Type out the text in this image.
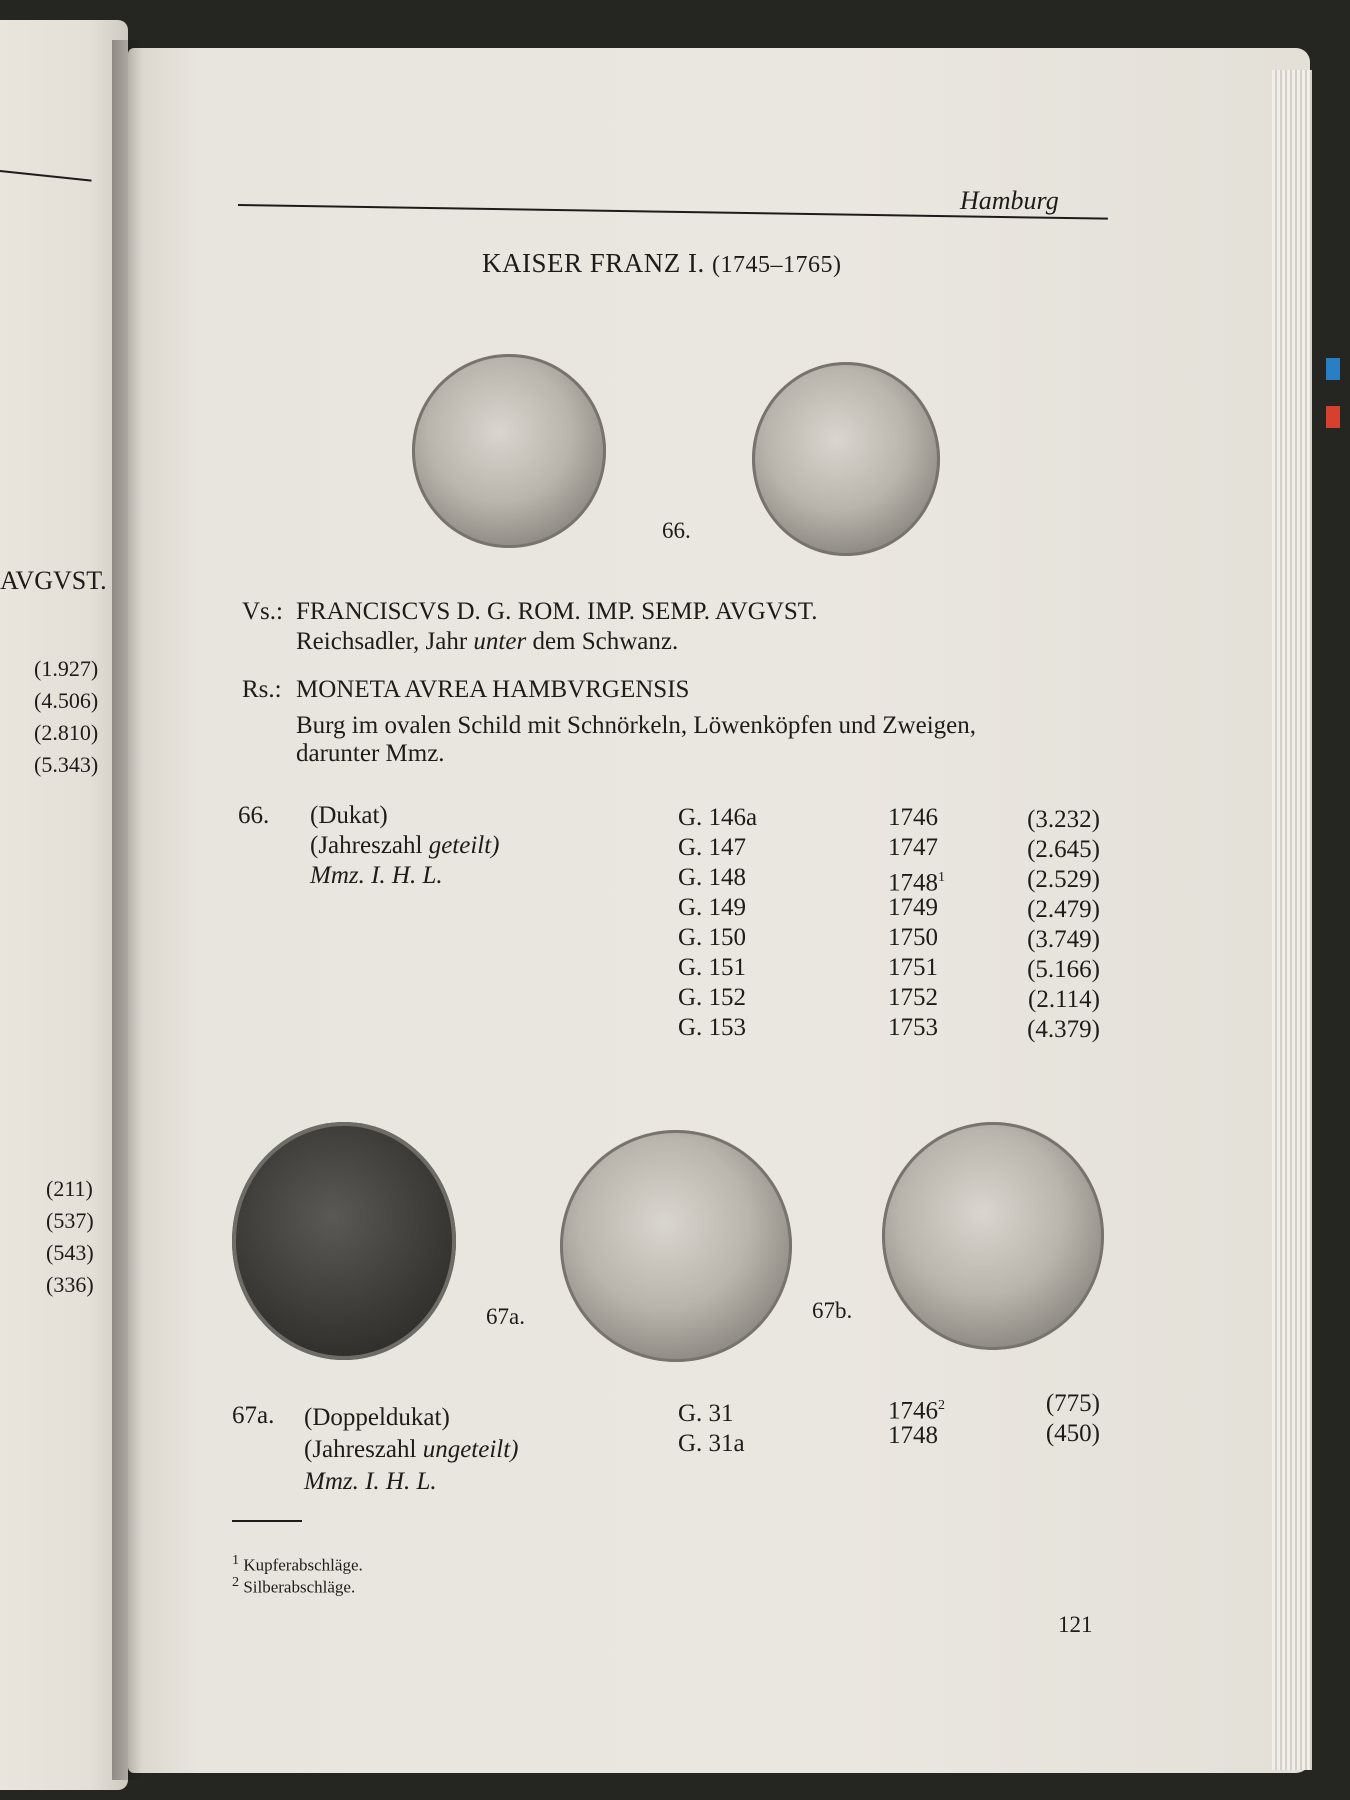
AVGVST.
(1.927)
(4.506)
(2.810)
(5.343)
(211)
(537)
(543)
(336)
Hamburg
KAISER FRANZ I. (1745–1765)
66.
Vs.: FRANCISCVS D. G. ROM. IMP. SEMP. AVGVST.
Reichsadler, Jahr unter dem Schwanz.
Rs.: MONETA AVREA HAMBVRGENSIS
Burg im ovalen Schild mit Schnörkeln, Löwenköpfen und Zweigen,
darunter Mmz.
66. (Dukat)
(Jahreszahl geteilt)
Mmz. I. H. L.
G. 146a	1746	(3.232)
G. 147	1747	(2.645)
G. 148	1748$^1$	(2.529)
G. 149	1749	(2.479)
G. 150	1750	(3.749)
G. 151	1751	(5.166)
G. 152	1752	(2.114)
G. 153	1753	(4.379)
67a.	67b.
67a. (Doppeldukat)
(Jahreszahl ungeteilt)
Mmz. I. H. L.
G. 31	1746$^2$	(775)
G. 31a	1748	(450)
$^1$ Kupferabschläge.
$^2$ Silberabschläge.
121
